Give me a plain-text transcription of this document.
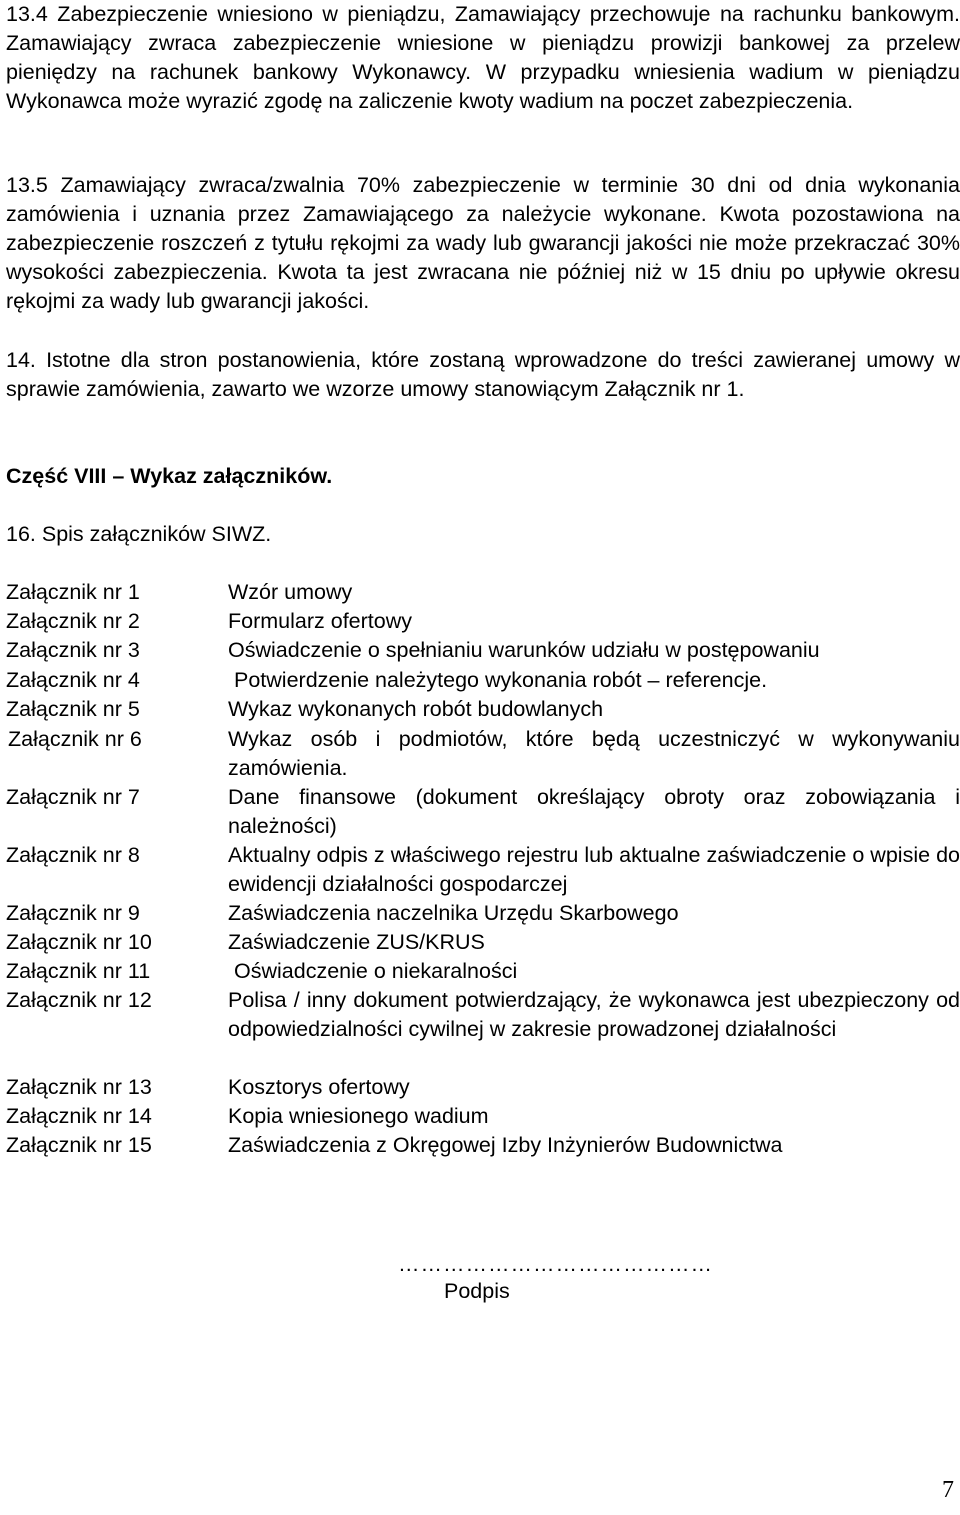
13.4 Zabezpieczenie wniesiono w pieniądzu, Zamawiający przechowuje na rachunku bankowym. Zamawiający zwraca zabezpieczenie wniesione w pieniądzu prowizji bankowej za przelew pieniędzy na rachunek bankowy Wykonawcy. W przypadku wniesienia wadium w pieniądzu Wykonawca może wyrazić zgodę na zaliczenie kwoty wadium na poczet zabezpieczenia.

13.5 Zamawiający zwraca/zwalnia 70% zabezpieczenie w terminie 30 dni od dnia wykonania zamówienia i uznania przez Zamawiającego za należycie wykonane. Kwota pozostawiona na zabezpieczenie roszczeń z tytułu rękojmi za wady lub gwarancji jakości nie może przekraczać 30% wysokości zabezpieczenia. Kwota ta jest zwracana nie później niż w 15 dniu po upływie okresu rękojmi za wady lub gwarancji jakości.

14. Istotne dla stron postanowienia, które zostaną wprowadzone do treści zawieranej umowy w sprawie zamówienia, zawarto we wzorze umowy stanowiącym Załącznik nr 1.

Część VIII – Wykaz załączników.

16. Spis załączników SIWZ.

Załącznik nr 1	Wzór umowy
Załącznik nr 2	Formularz ofertowy
Załącznik nr 3	Oświadczenie o spełnianiu warunków udziału w postępowaniu
Załącznik nr 4	Potwierdzenie należytego wykonania robót – referencje.
Załącznik nr 5	Wykaz wykonanych robót budowlanych
Załącznik nr 6	Wykaz osób i podmiotów, które będą uczestniczyć w wykonywaniu zamówienia.
Załącznik nr 7	Dane finansowe (dokument określający obroty oraz zobowiązania i należności)
Załącznik nr 8	Aktualny odpis z właściwego rejestru lub aktualne zaświadczenie o wpisie do ewidencji działalności gospodarczej
Załącznik nr 9	Zaświadczenia naczelnika Urzędu Skarbowego
Załącznik nr 10	Zaświadczenie ZUS/KRUS
Załącznik nr 11	Oświadczenie o niekaralności
Załącznik nr 12	Polisa / inny dokument potwierdzający, że wykonawca jest ubezpieczony od odpowiedzialności cywilnej w zakresie prowadzonej działalności
Załącznik nr 13	Kosztorys ofertowy
Załącznik nr 14	Kopia wniesionego wadium
Załącznik nr 15	Zaświadczenia z Okręgowej Izby Inżynierów Budownictwa
……………………………………
Podpis
7
